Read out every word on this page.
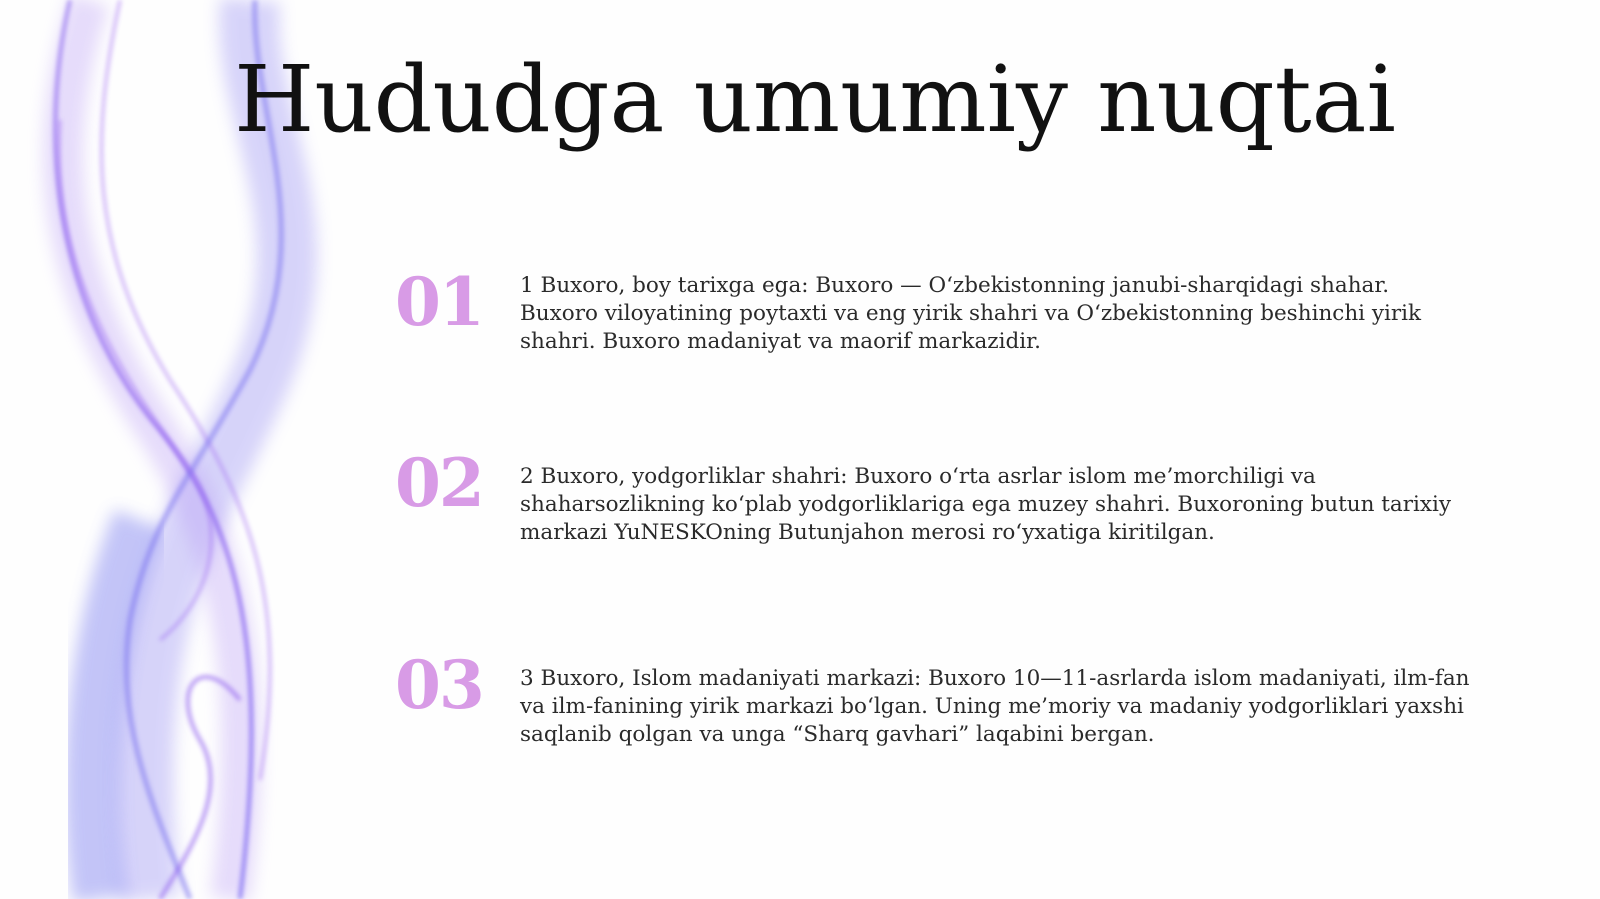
Hududga umumiy nuqtai
01 1 Buxoro, boy tarixga ega: Buxoro — O‘zbekistonning janubi-sharqidagi shahar. Buxoro viloyatining poytaxti va eng yirik shahri va O‘zbekistonning beshinchi yirik shahri. Buxoro madaniyat va maorif markazidir.
02 2 Buxoro, yodgorliklar shahri: Buxoro o‘rta asrlar islom me’morchiligi va shaharsozlikning ko‘plab yodgorliklariga ega muzey shahri. Buxoroning butun tarixiy markazi YuNESKOning Butunjahon merosi ro‘yxatiga kiritilgan.
03 3 Buxoro, Islom madaniyati markazi: Buxoro 10—11-asrlarda islom madaniyati, ilm-fan va ilm-fanining yirik markazi bo‘lgan. Uning me’moriy va madaniy yodgorliklari yaxshi saqlanib qolgan va unga “Sharq gavhari” laqabini bergan.
